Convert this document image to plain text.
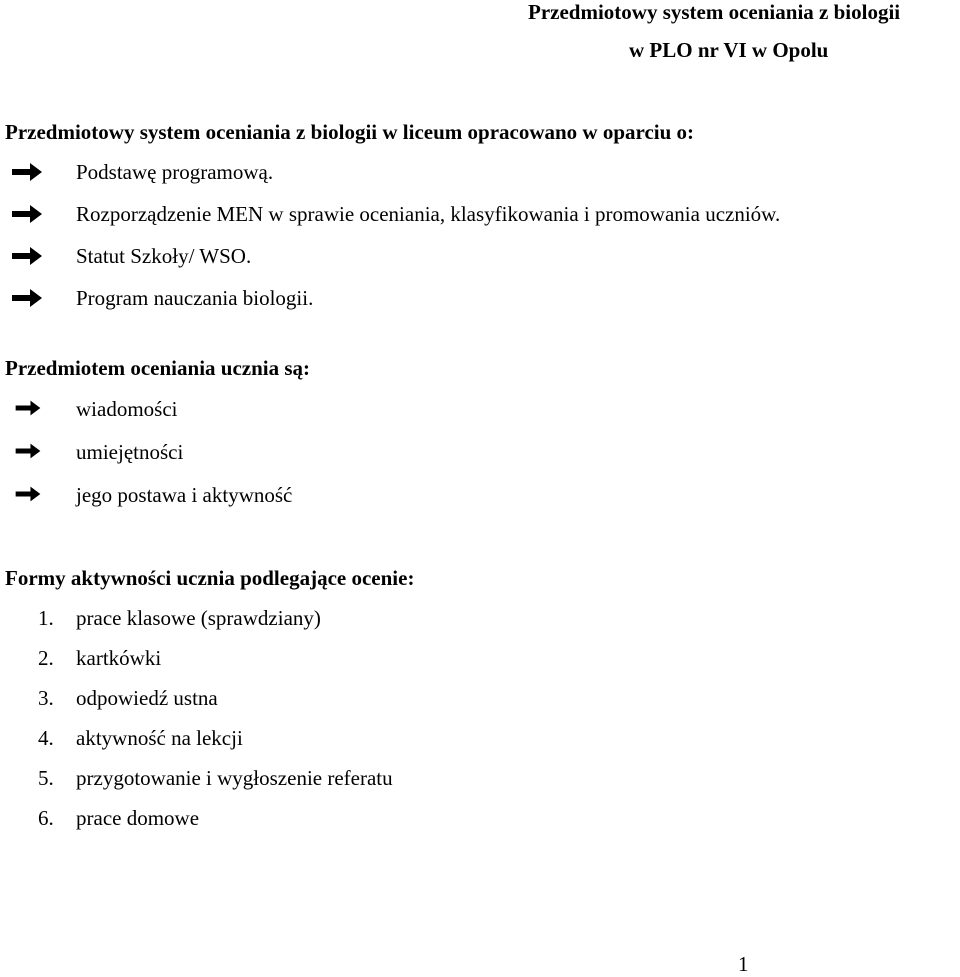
Przedmiotowy system oceniania z biologii
w PLO nr VI w Opolu
Przedmiotowy system oceniania z biologii w liceum opracowano w oparciu o:
Podstawę programową.
Rozporządzenie MEN w sprawie oceniania, klasyfikowania i promowania uczniów.
Statut Szkoły/ WSO.
Program nauczania biologii.
Przedmiotem oceniania ucznia są:
wiadomości
umiejętności
jego postawa i aktywność
Formy aktywności ucznia podlegające ocenie:
1. prace klasowe (sprawdziany)
2. kartkówki
3. odpowiedź ustna
4. aktywność na lekcji
5. przygotowanie i wygłoszenie referatu
6. prace domowe
1
